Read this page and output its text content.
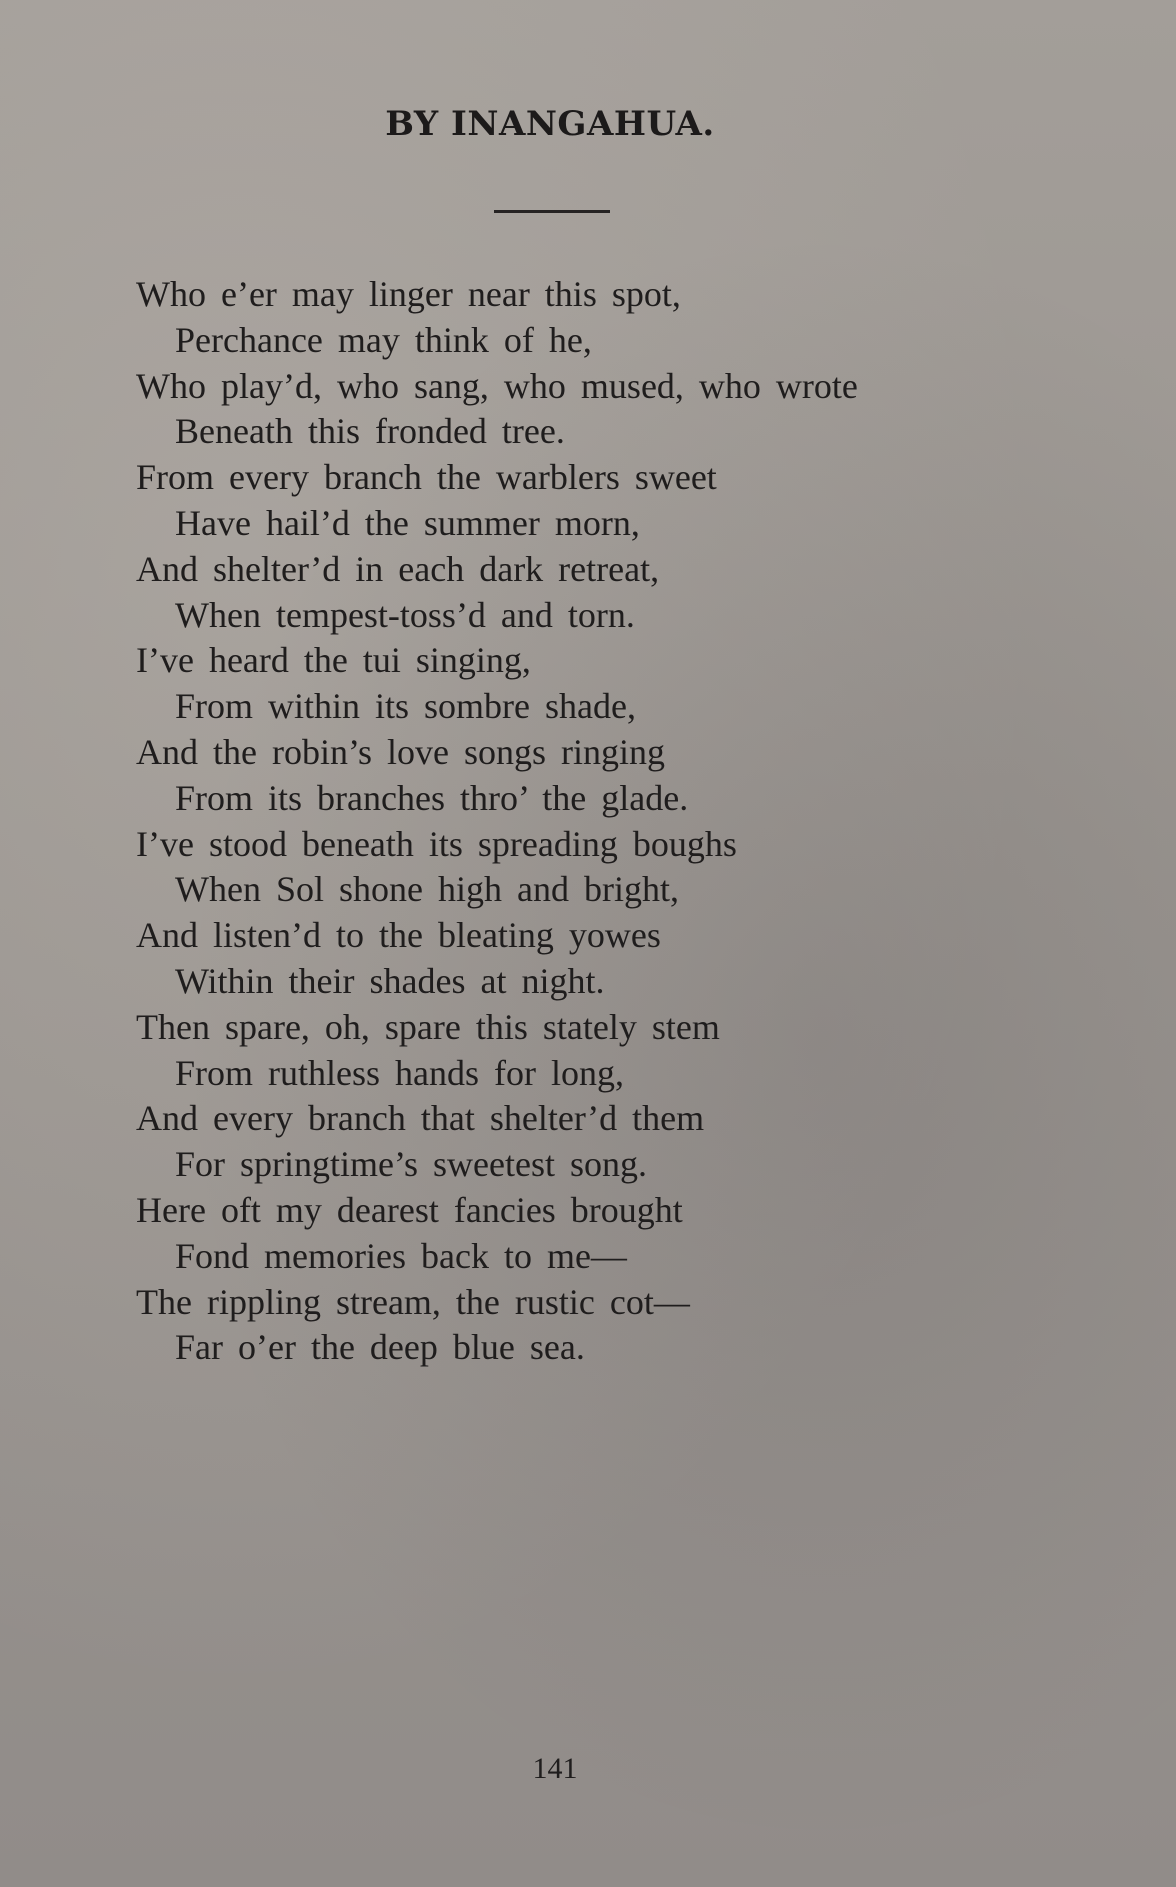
BY INANGAHUA.
Who e’er may linger near this spot,
Perchance may think of he,
Who play’d, who sang, who mused, who wrote
Beneath this fronded tree.
From every branch the warblers sweet
Have hail’d the summer morn,
And shelter’d in each dark retreat,
When tempest-toss’d and torn.
I’ve heard the tui singing,
From within its sombre shade,
And the robin’s love songs ringing
From its branches thro’ the glade.
I’ve stood beneath its spreading boughs
When Sol shone high and bright,
And listen’d to the bleating yowes
Within their shades at night.
Then spare, oh, spare this stately stem
From ruthless hands for long,
And every branch that shelter’d them
For springtime’s sweetest song.
Here oft my dearest fancies brought
Fond memories back to me—
The rippling stream, the rustic cot—
Far o’er the deep blue sea.
141
